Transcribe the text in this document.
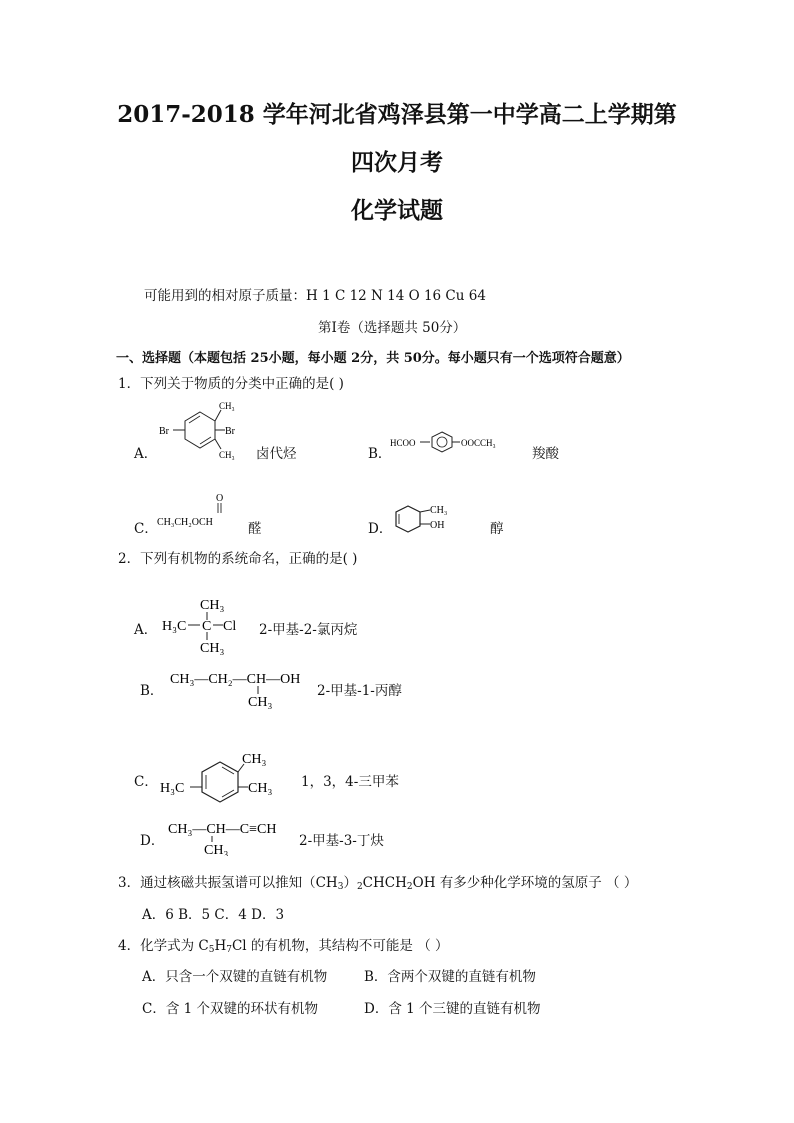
2017-2018 学年河北省鸡泽县第一中学高二上学期第
四次月考
化学试题
可能用到的相对原子质量：H 1 C 12 N 14 O 16 Cu 64
第Ⅰ卷（选择题共 50分）
一、选择题（本题包括 25小题，每小题 2分，共 50分。每小题只有一个选项符合题意）
1．下列关于物质的分类中正确的是( )
A．
CH₃
Br	Br
CH₃ 卤代烃	B．
HCOO	OOCCH₃
羧酸
C．
O
CH₃CH₂OCH	醛	D．
CH₃
OH	醇
2．下列有机物的系统命名，正确的是( )
A．
CH₃
H₃C C Cl
CH₃
2-甲基-2-氯丙烷
B．
CH₃—CH₂—CH—OH
CH₃
2-甲基-1-丙醇
C．
CH₃
H₃C	CH₃ 1，3，4-三甲苯
D．
CH₃—CH—C≡CH
CH₃
2-甲基-3-丁炔
3．通过核磁共振氢谱可以推知$(CH_3)_2CHCH_2OH$ 有多少种化学环境的氢原子 （ ）
A．6 B．5 C．4 D．3
4．化学式为 $C_5H_7Cl$ 的有机物，其结构不可能是 （ ）
A．只含一个双键的直链有机物	B．含两个双键的直链有机物
C．含 1 个双键的环状有机物	D．含 1 个三键的直链有机物
